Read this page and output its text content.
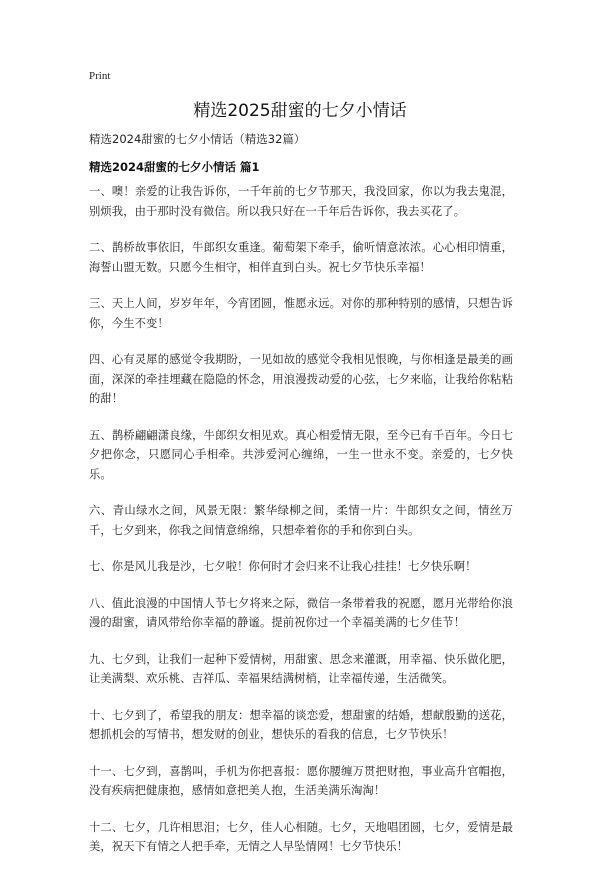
Print
精选2025甜蜜的七夕小情话
精选2024甜蜜的七夕小情话（精选32篇）
精选2024甜蜜的七夕小情话 篇1

一、噢！亲爱的让我告诉你，一千年前的七夕节那天，我没回家，你以为我去鬼混，别烦我，由于那时没有微信。所以我只好在一千年后告诉你，我去买花了。

二、鹊桥故事依旧，牛郎织女重逢。葡萄架下牵手，偷听情意浓浓。心心相印情重，海誓山盟无数。只愿今生相守，相伴直到白头。祝七夕节快乐幸福！

三、天上人间，岁岁年年，今宵团圆，惟愿永远。对你的那种特别的感情，只想告诉你，今生不变！

四、心有灵犀的感觉令我期盼，一见如故的感觉令我相见恨晚，与你相逢是最美的画面，深深的牵挂埋藏在隐隐的怀念，用浪漫拨动爱的心弦，七夕来临，让我给你粘粘的甜！

五、鹊桥翩翩潇良缘，牛郎织女相见欢。真心相爱情无限，至今已有千百年。今日七夕把你念，只愿同心手相牵。共涉爱河心缠绵，一生一世永不变。亲爱的，七夕快乐。

六、青山绿水之间，风景无限：繁华绿柳之间，柔情一片：牛郎织女之间，情丝万千，七夕到来，你我之间情意绵绵，只想牵着你的手和你到白头。

七、你是风儿我是沙，七夕啦！你何时才会归来不让我心挂挂！七夕快乐啊！

八、值此浪漫的中国情人节七夕将来之际，微信一条带着我的祝愿，愿月光带给你浪漫的甜蜜，请风带给你幸福的静谧。提前祝你过一个幸福美满的七夕佳节！

九、七夕到，让我们一起种下爱情树，用甜蜜、思念来灌溉，用幸福、快乐做化肥，让美满梨、欢乐桃、吉祥瓜、幸福果结满树梢，让幸福传递，生活微笑。

十、七夕到了，希望我的朋友：想幸福的谈恋爱，想甜蜜的结婚，想献殷勤的送花，想抓机会的写情书，想发财的创业，想快乐的看我的信息，七夕节快乐！

十一、七夕到，喜鹊叫，手机为你把喜报：愿你腰缠万贯把财抱，事业高升官帽抱，没有疾病把健康抱，感情如意把美人抱，生活美满乐淘淘！

十二、七夕，几许相思泪；七夕，佳人心相随。七夕，天地唱团圆，七夕，爱情是最美，祝天下有情之人把手牵，无情之人早坠情网！七夕节快乐！
